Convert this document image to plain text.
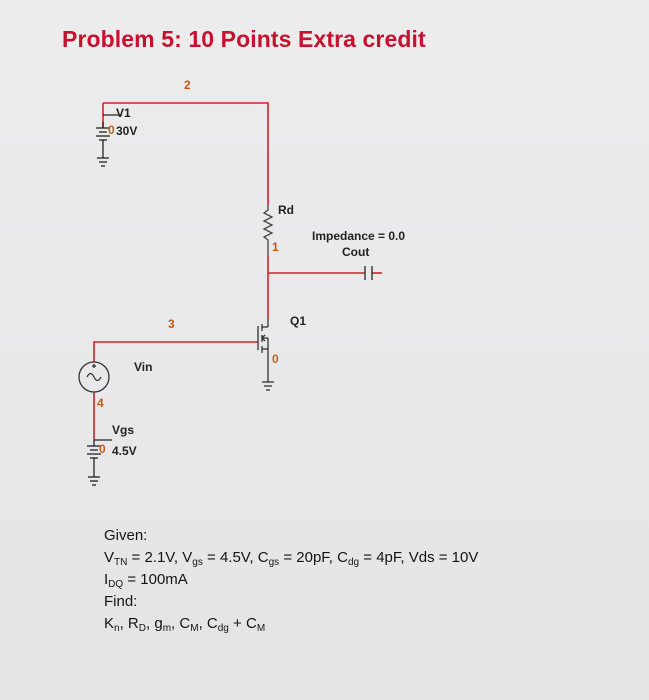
Problem 5: 10 Points Extra credit
V1
30V
0
Rd
1
2
Impedance = 0.0
Cout
Q1
3
0
Vin
4
Vgs
4.5V
0
Given:
$V_{TN} = 2.1V$, $V_{gs} = 4.5V$, $C_{gs} = 20pF$, $C_{dg} = 4pF$, Vds = 10V
$I_{DQ} = 100mA$
Find:
$K_n$, $R_D$, $g_m$, $C_M$, $C_{dg} + C_M$
